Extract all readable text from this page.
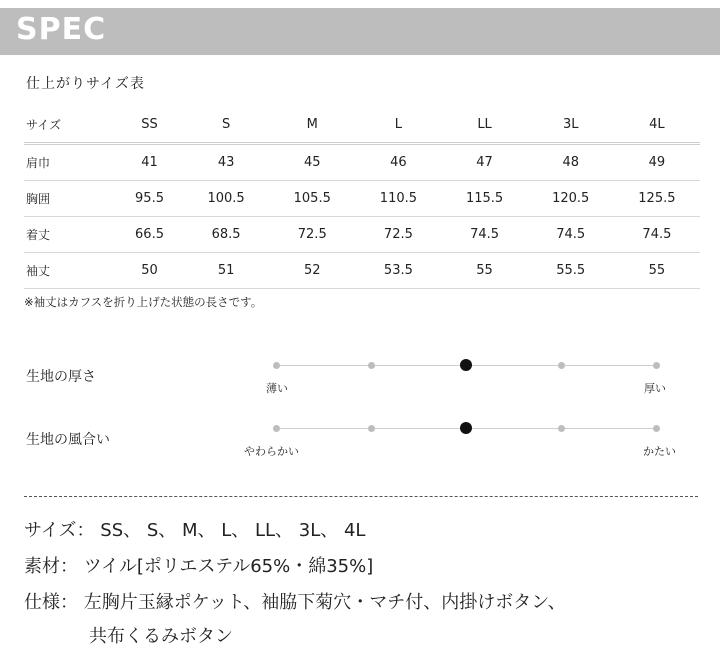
SPEC
仕上がりサイズ表
サイズ	SS	S	M	L	LL	3L	4L
肩巾	41	43	45	46	47	48	49
胸囲	95.5	100.5	105.5	110.5	115.5	120.5	125.5
着丈	66.5	68.5	72.5	72.5	74.5	74.5	74.5
袖丈	50	51	52	53.5	55	55.5	55
※袖丈はカフスを折り上げた状態の長さです。
生地の厚さ
薄い	厚い
生地の風合い
やわらかい	かたい
サイズ： SS、 S、 M、 L、 LL、 3L、 4L
素材： ツイル[ポリエステル65%・綿35%]
仕様： 左胸片玉縁ポケット、袖脇下菊穴・マチ付、内掛けボタン、
共布くるみボタン
